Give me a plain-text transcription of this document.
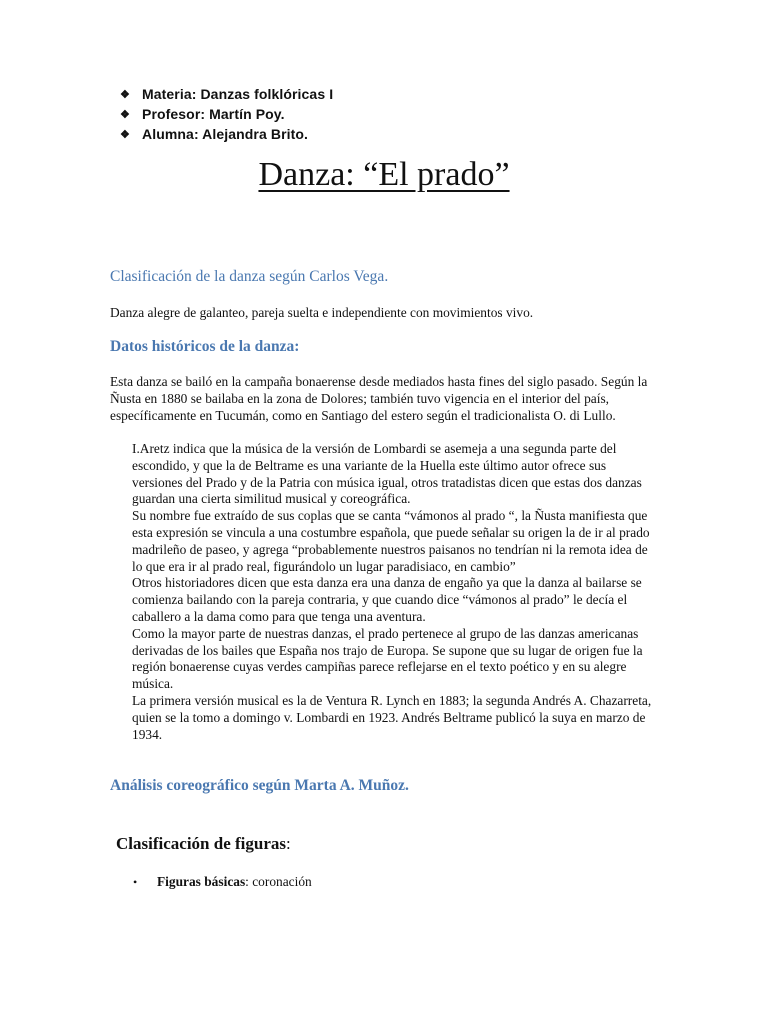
❖ Materia: Danzas folklóricas I
❖ Profesor: Martín Poy.
❖ Alumna: Alejandra Brito.
Danza: “El prado”
Clasificación de la danza según Carlos Vega.

Danza alegre de galanteo, pareja suelta e independiente con movimientos vivo.

Datos históricos de la danza:

Esta danza se bailó en la campaña bonaerense desde mediados hasta fines del siglo pasado. Según la Ñusta en 1880 se bailaba en la zona de Dolores; también tuvo vigencia en el interior del país, específicamente en Tucumán, como en Santiago del estero según el tradicionalista O. di Lullo.

I.Aretz indica que la música de la versión de Lombardi se asemeja a una segunda parte del escondido, y que la de Beltrame es una variante de la Huella este último autor ofrece sus versiones del Prado y de la Patria con música igual, otros tratadistas dicen que estas dos danzas guardan una cierta similitud musical y coreográfica.

Su nombre fue extraído de sus coplas que se canta “vámonos al prado “, la Ñusta manifiesta que esta expresión se vincula a una costumbre española, que puede señalar su origen la de ir al prado madrileño de paseo, y agrega “probablemente nuestros paisanos no tendrían ni la remota idea de lo que era ir al prado real, figurándolo un lugar paradisiaco, en cambio”

Otros historiadores dicen que esta danza era una danza de engaño ya que la danza al bailarse se comienza bailando con la pareja contraria, y que cuando dice “vámonos al prado” le decía el caballero a la dama como para que tenga una aventura.

Como la mayor parte de nuestras danzas, el prado pertenece al grupo de las danzas americanas derivadas de los bailes que España nos trajo de Europa. Se supone que su lugar de origen fue la región bonaerense cuyas verdes campiñas parece reflejarse en el texto poético y en su alegre música.

La primera versión musical es la de Ventura R. Lynch en 1883; la segunda Andrés A. Chazarreta, quien se la tomo a domingo v. Lombardi en 1923. Andrés Beltrame publicó la suya en marzo de 1934.

Análisis coreográfico según Marta A. Muñoz.
Clasificación de figuras:
•	Figuras básicas : coronación
